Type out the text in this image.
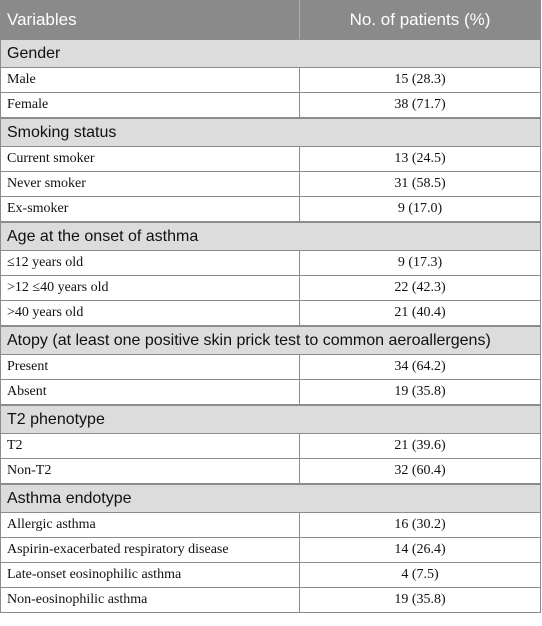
Variables	No. of patients (%)
Gender
Male	15 (28.3)
Female	38 (71.7)
Smoking status
Current smoker	13 (24.5)
Never smoker	31 (58.5)
Ex-smoker	9 (17.0)
Age at the onset of asthma
≤12 years old	9 (17.3)
>12 ≤40 years old	22 (42.3)
>40 years old	21 (40.4)
Atopy (at least one positive skin prick test to common aeroallergens)
Present	34 (64.2)
Absent	19 (35.8)
T2 phenotype
T2	21 (39.6)
Non-T2	32 (60.4)
Asthma endotype
Allergic asthma	16 (30.2)
Aspirin-exacerbated respiratory disease	14 (26.4)
Late-onset eosinophilic asthma	4 (7.5)
Non-eosinophilic asthma	19 (35.8)
